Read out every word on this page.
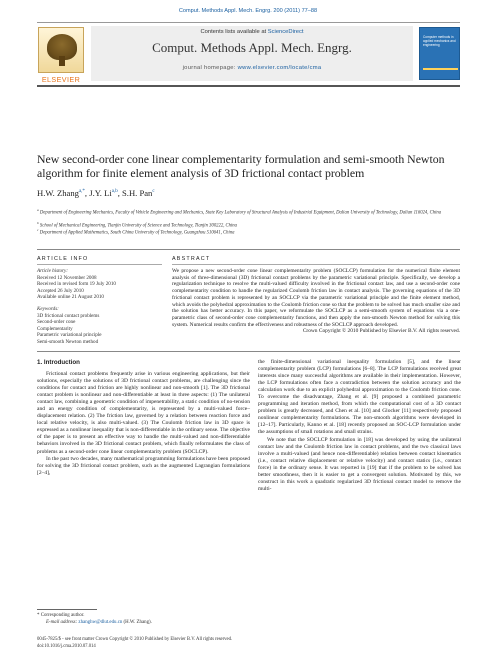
Comput. Methods Appl. Mech. Engrg. 200 (2011) 77–88
ELSEVIER
Contents lists available at ScienceDirect
Comput. Methods Appl. Mech. Engrg.
journal homepage: www.elsevier.com/locate/cma
Computer methods in applied mechanics and engineering
New second-order cone linear complementarity formulation and semi-smooth Newton algorithm for finite element analysis of 3D frictional contact problem
H.W. Zhang$^{a,*}$, J.Y. Li$^{a,b}$, S.H. Pan$^c$
$^a$ Department of Engineering Mechanics, Faculty of Vehicle Engineering and Mechanics, State Key Laboratory of Structural Analysis of Industrial Equipment, Dalian University of Technology, Dalian 116024, China
$^b$ School of Mechanical Engineering, Tianjin University of Science and Technology, Tianjin 300222, China
$^c$ Department of Applied Mathematics, South China University of Technology, Guangzhou 510641, China
ARTICLE INFO
Article history:
Received 12 November 2008
Received in revised form 19 July 2010
Accepted 26 July 2010
Available online 21 August 2010
Keywords:
3D frictional contact problems
Second-order cone
Complementarity
Parametric variational principle
Semi-smooth Newton method
ABSTRACT
We propose a new second-order cone linear complementarity problem (SOCLCP) formulation for the numerical finite element analysis of three-dimensional (3D) frictional contact problems by the parametric variational principle. Specifically, we develop a regularization technique to resolve the multi-valued difficulty involved in the frictional contact law, and use a second-order cone complementarity condition to handle the regularized Coulomb friction law in contact analysis. The governing equations of the 3D frictional contact problem is represented by an SOCLCP via the parametric variational principle and the finite element method, which avoids the polyhedral approximation to the Coulomb friction cone so that the problem to be solved has much smaller size and the solution has better accuracy. In this paper, we reformulate the SOCLCP as a semi-smooth system of equations via a one-parametric class of second-order cone complementarity functions, and then apply the non-smooth Newton method for solving this system. Numerical results confirm the effectiveness and robustness of the SOCLCP approach developed.
Crown Copyright © 2010 Published by Elsevier B.V. All rights reserved.
1. Introduction

Frictional contact problems frequently arise in various engineering applications, but their solutions, especially the solutions of 3D frictional contact problems, are challenging since the conditions for contact and friction are highly nonlinear and non-smooth [1]. The 3D frictional contact problem is nonlinear and non-differentiable at least in three aspects: (1) The unilateral contact law, combining a geometric condition of impenetrability, a static condition of no-tension and an energy condition of complementarity, is represented by a multi-valued force–displacement relation. (2) The friction law, governed by a relation between reaction force and local relative velocity, is also multi-valued. (3) The Coulomb friction law in 3D space is expressed as a nonlinear inequality that is non-differentiable in the ordinary sense. The objective of the paper is to present an effective way to handle the multi-valued and non-differentiable behaviors involved in the 3D frictional contact problem, which finally reformulates the class of problems as a second-order cone linear complementarity problem (SOCLCP).

In the past two decades, many mathematical programming formulations have been proposed for solving the 3D frictional contact problem, such as the augmented Lagrangian formulations [2–4],

the finite-dimensional variational inequality formulation [5], and the linear complementarity problem (LCP) formulations [6–8]. The LCP formulations received great interests since many successful algorithms are available in their implementation. However, the LCP formulations often face a contradiction between the solution accuracy and the calculation work due to an explicit polyhedral approximation to the Coulomb friction cone. To overcome the disadvantage, Zhang et al. [9] proposed a combined parametric programming and iteration method, from which the computational cost of a 3D contact problem is greatly decreased, and Chen et al. [10] and Glocker [11] respectively proposed nonlinear complementarity formulations. The non-smooth algorithms were developed in [12–17]. Particularly, Kanno et al. [18] recently proposed an SOC-LCP formulation under the assumptions of small rotations and small strains.

We note that the SOCLCP formulation in [18] was developed by using the unilateral contact law and the Coulomb friction law in contact problems, and the two classical laws involve a multi-valued (and hence non-differentiable) relation between contact kinematics (i.e., contact relative displacement or relative velocity) and contact statics (i.e., contact force) in the ordinary sense. It was reported in [19] that if the problem to be solved has better smoothness, then it is easier to get a convergent solution. Motivated by this, we construct in this work a quadratic regularized 3D frictional contact model to remove the multi-

* Corresponding author.
E-mail address: zhanghw@dlut.edu.cn (H.W. Zhang).
0045-7825/$ - see front matter Crown Copyright © 2010 Published by Elsevier B.V. All rights reserved.
doi:10.1016/j.cma.2010.07.014
